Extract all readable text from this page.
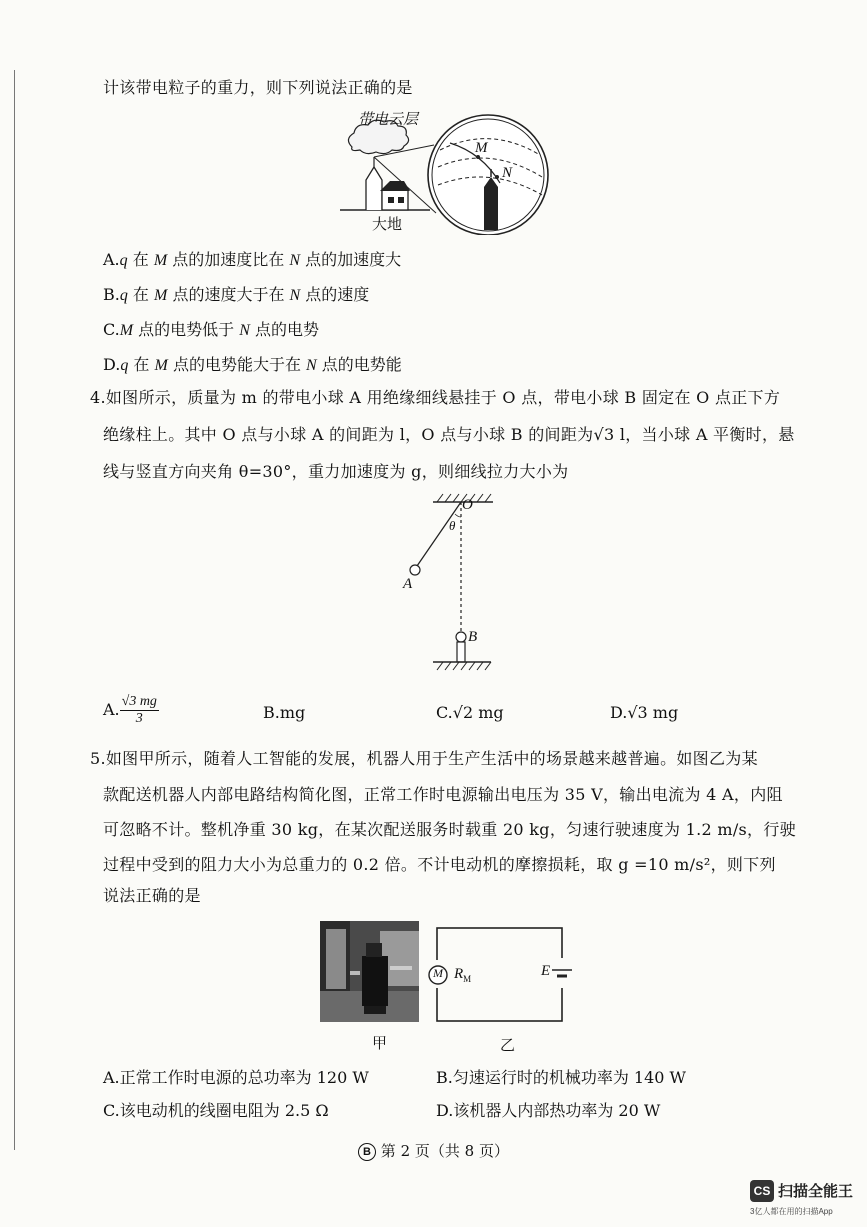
计该带电粒子的重力，则下列说法正确的是
带电云层
大地
M
N
A.q 在 M 点的加速度比在 N 点的加速度大
B.q 在 M 点的速度大于在 N 点的速度
C.M 点的电势低于 N 点的电势
D.q 在 M 点的电势能大于在 N 点的电势能
4.如图所示，质量为 m 的带电小球 A 用绝缘细线悬挂于 O 点，带电小球 B 固定在 O 点正下方
绝缘柱上。其中 O 点与小球 A 的间距为 l，O 点与小球 B 的间距为√3 l，当小球 A 平衡时，悬
线与竖直方向夹角 θ=30°，重力加速度为 g，则细线拉力大小为
O
θ
A
B
A. $\frac{√3 mg}{3}$	B.mg	C.√2 mg	D.√3 mg
5.如图甲所示，随着人工智能的发展，机器人用于生产生活中的场景越来越普遍。如图乙为某
款配送机器人内部电路结构简化图，正常工作时电源输出电压为 35 V，输出电流为 4 A，内阻
可忽略不计。整机净重 30 kg，在某次配送服务时载重 20 kg，匀速行驶速度为 1.2 m/s，行驶
过程中受到的阻力大小为总重力的 0.2 倍。不计电动机的摩擦损耗，取 g =10 m/s²，则下列
说法正确的是
M $R_M$	E
甲	乙
A.正常工作时电源的总功率为 120 W	B.匀速运行时的机械功率为 140 W
C.该电动机的线圈电阻为 2.5 Ω	D.该机器人内部热功率为 20 W
B 第 2 页（共 8 页）
CS 扫描全能王
3亿人都在用的扫描App
